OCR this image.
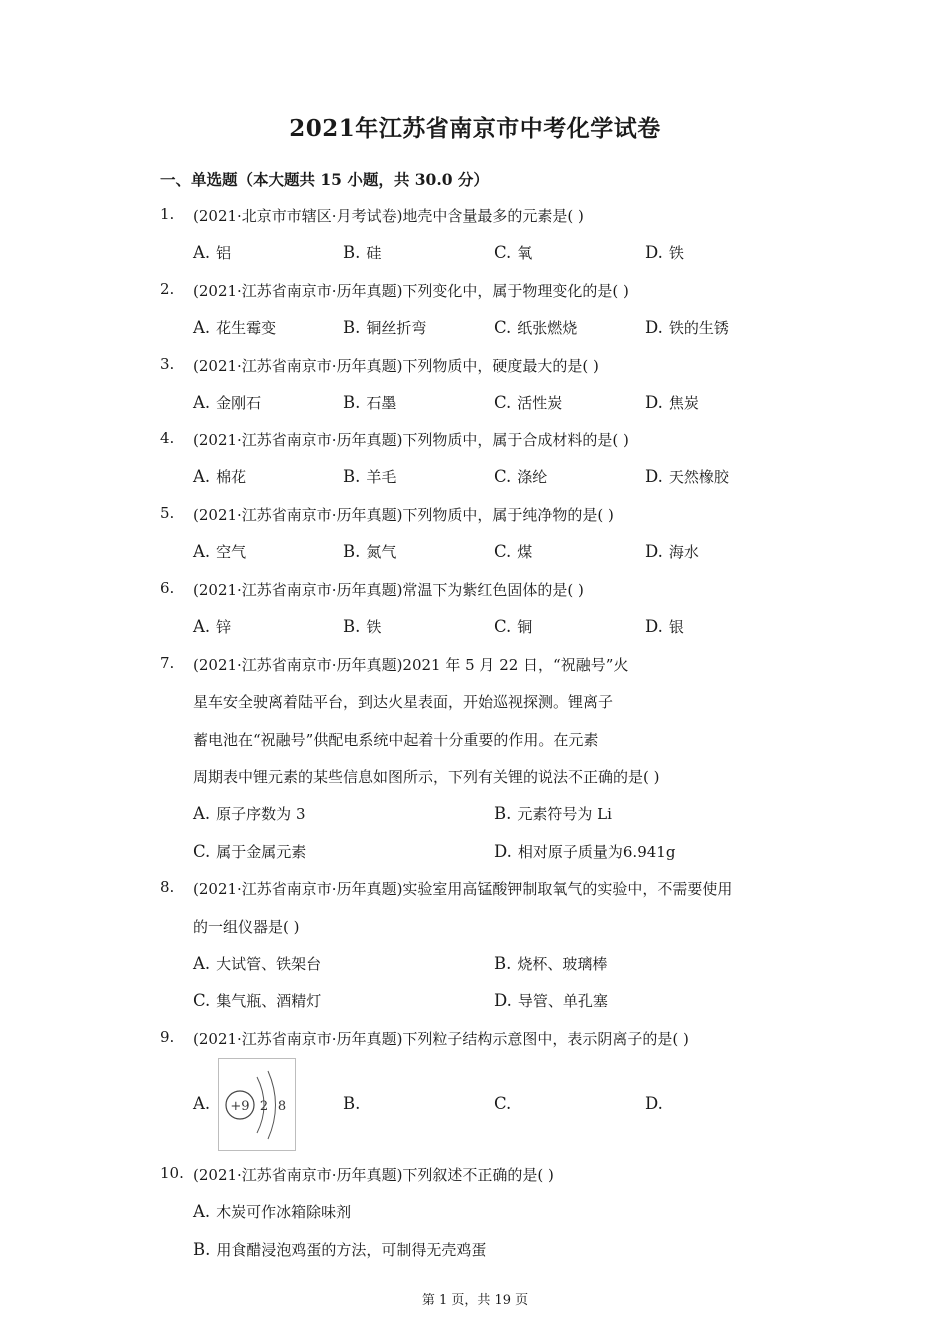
2021年江苏省南京市中考化学试卷
一、单选题（本大题共 15 小题，共 30.0 分）
1. (2021·北京市市辖区·月考试卷)地壳中含量最多的元素是( )
A. 铝	B. 硅	C. 氧	D. 铁
2. (2021·江苏省南京市·历年真题)下列变化中，属于物理变化的是( )
A. 花生霉变	B. 铜丝折弯	C. 纸张燃烧	D. 铁的生锈
3. (2021·江苏省南京市·历年真题)下列物质中，硬度最大的是( )
A. 金刚石	B. 石墨	C. 活性炭	D. 焦炭
4. (2021·江苏省南京市·历年真题)下列物质中，属于合成材料的是( )
A. 棉花	B. 羊毛	C. 涤纶	D. 天然橡胶
5. (2021·江苏省南京市·历年真题)下列物质中，属于纯净物的是( )
A. 空气	B. 氮气	C. 煤	D. 海水
6. (2021·江苏省南京市·历年真题)常温下为紫红色固体的是( )
A. 锌	B. 铁	C. 铜	D. 银
7. (2021·江苏省南京市·历年真题)2021 年 5 月 22 日，“祝融号”火
星车安全驶离着陆平台，到达火星表面，开始巡视探测。锂离子
蓄电池在“祝融号”供配电系统中起着十分重要的作用。在元素
周期表中锂元素的某些信息如图所示，下列有关锂的说法不正确的是( )
A. 原子序数为 3	B. 元素符号为 Li
C. 属于金属元素	D. 相对原子质量为6.941g
8. (2021·江苏省南京市·历年真题)实验室用高锰酸钾制取氧气的实验中，不需要使用
的一组仪器是( )
A. 大试管、铁架台	B. 烧杯、玻璃棒
C. 集气瓶、酒精灯	D. 导管、单孔塞
9. (2021·江苏省南京市·历年真题)下列粒子结构示意图中，表示阴离子的是( )
A.	+9 2 8	B.	C.	D.
10. (2021·江苏省南京市·历年真题)下列叙述不正确的是( )
A. 木炭可作冰箱除味剂
B. 用食醋浸泡鸡蛋的方法，可制得无壳鸡蛋
第 1 页，共 19 页
